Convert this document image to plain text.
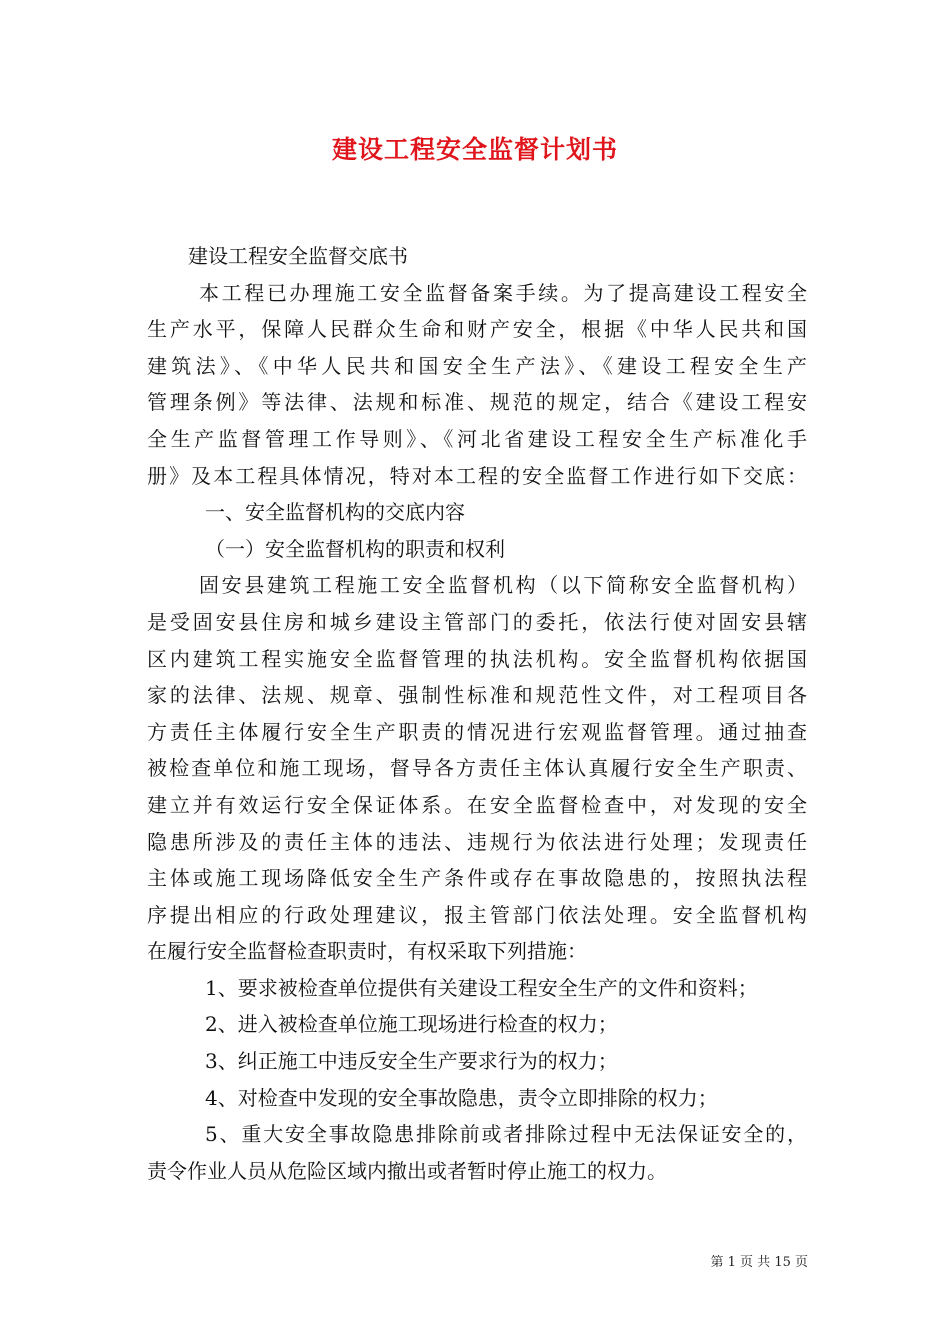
建设工程安全监督计划书
建设工程安全监督交底书
本工程已办理施工安全监督备案手续。为了提高建设工程安全
生产水平，保障人民群众生命和财产安全，根据《中华人民共和国
建筑法》、《中华人民共和国安全生产法》、《建设工程安全生产
管理条例》等法律、法规和标准、规范的规定，结合《建设工程安
全生产监督管理工作导则》、《河北省建设工程安全生产标准化手
册》及本工程具体情况，特对本工程的安全监督工作进行如下交底：
一、安全监督机构的交底内容
（一）安全监督机构的职责和权利
固安县建筑工程施工安全监督机构（以下简称安全监督机构）
是受固安县住房和城乡建设主管部门的委托，依法行使对固安县辖
区内建筑工程实施安全监督管理的执法机构。安全监督机构依据国
家的法律、法规、规章、强制性标准和规范性文件，对工程项目各
方责任主体履行安全生产职责的情况进行宏观监督管理。通过抽查
被检查单位和施工现场，督导各方责任主体认真履行安全生产职责、
建立并有效运行安全保证体系。在安全监督检查中，对发现的安全
隐患所涉及的责任主体的违法、违规行为依法进行处理；发现责任
主体或施工现场降低安全生产条件或存在事故隐患的，按照执法程
序提出相应的行政处理建议，报主管部门依法处理。安全监督机构
在履行安全监督检查职责时，有权采取下列措施：
1、要求被检查单位提供有关建设工程安全生产的文件和资料；
2、进入被检查单位施工现场进行检查的权力；
3、纠正施工中违反安全生产要求行为的权力；
4、对检查中发现的安全事故隐患，责令立即排除的权力；
5、重大安全事故隐患排除前或者排除过程中无法保证安全的，
责令作业人员从危险区域内撤出或者暂时停止施工的权力。
第 1 页 共 15 页
